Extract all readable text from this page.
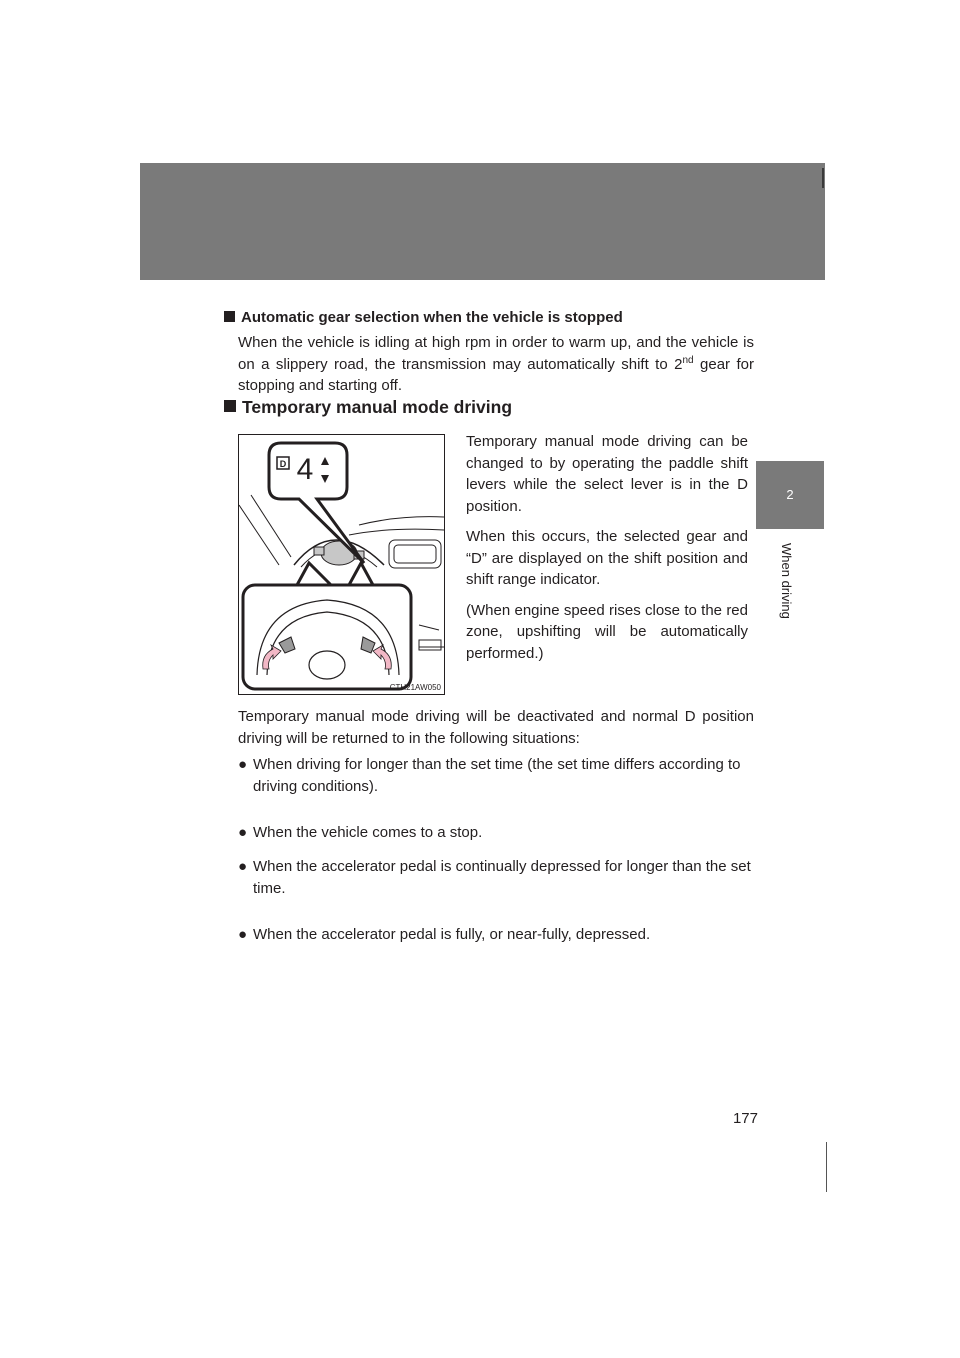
2-1. Driving procedures
2
When driving
Automatic gear selection when the vehicle is stopped
When the vehicle is idling at high rpm in order to warm up, and the vehicle is on a slippery road, the transmission may automatically shift to 2nd gear for stopping and starting off.
Temporary manual mode driving
D 4
CTH21AW050

Temporary manual mode driving can be changed to by operating the paddle shift levers while the select lever is in the D position.

When this occurs, the selected gear and “D” are displayed on the shift position and shift range indicator.

(When engine speed rises close to the red zone, upshifting will be automatically performed.)

Temporary manual mode driving will be deactivated and normal D position driving will be returned to in the following situations:
● When driving for longer than the set time (the set time differs according to driving conditions).
● When the vehicle comes to a stop.
● When the accelerator pedal is continually depressed for longer than the set time.
● When the accelerator pedal is fully, or near-fully, depressed.
177
